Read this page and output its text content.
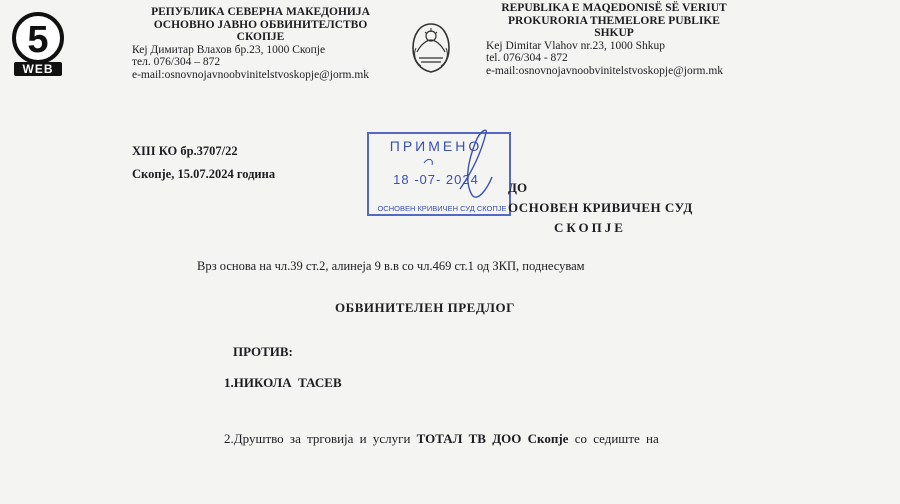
5
WEB
РЕПУБЛИКА СЕВЕРНА МАКЕДОНИЈА
ОСНОВНО ЈАВНО ОБВИНИТЕЛСТВО
СКОПЈЕ
Кеј Димитар Влахов бр.23, 1000 Скопје
тел. 076/304 – 872
e-mail:osnovnojavnoobvinitelstvoskopje@jorm.mk
REPUBLIKA E MAQEDONISË SË VERIUT
PROKURORIA THEMELORE PUBLIKE
SHKUP
Kej Dimitar Vlahov nr.23, 1000 Shkup
tel. 076/304 - 872
e-mail:osnovnojavnoobvinitelstvoskopje@jorm.mk
XIII КО бр.3707/22
Скопје, 15.07.2024 година
ПРИМЕНО
18 -07- 2024
ОСНОВЕН КРИВИЧЕН СУД СКОПЈЕ
ДО
ОСНОВЕН КРИВИЧЕН СУД
СКОПЈЕ
Врз основа на чл.39 ст.2, алинеја 9 в.в со чл.469 ст.1 од ЗКП, поднесувам
ОБВИНИТЕЛЕН ПРЕДЛОГ
ПРОТИВ:
1.НИКОЛА  ТАСЕВ
2.Друштво за трговија и услуги ТОТАЛ ТВ ДОО Скопје со седиште на
